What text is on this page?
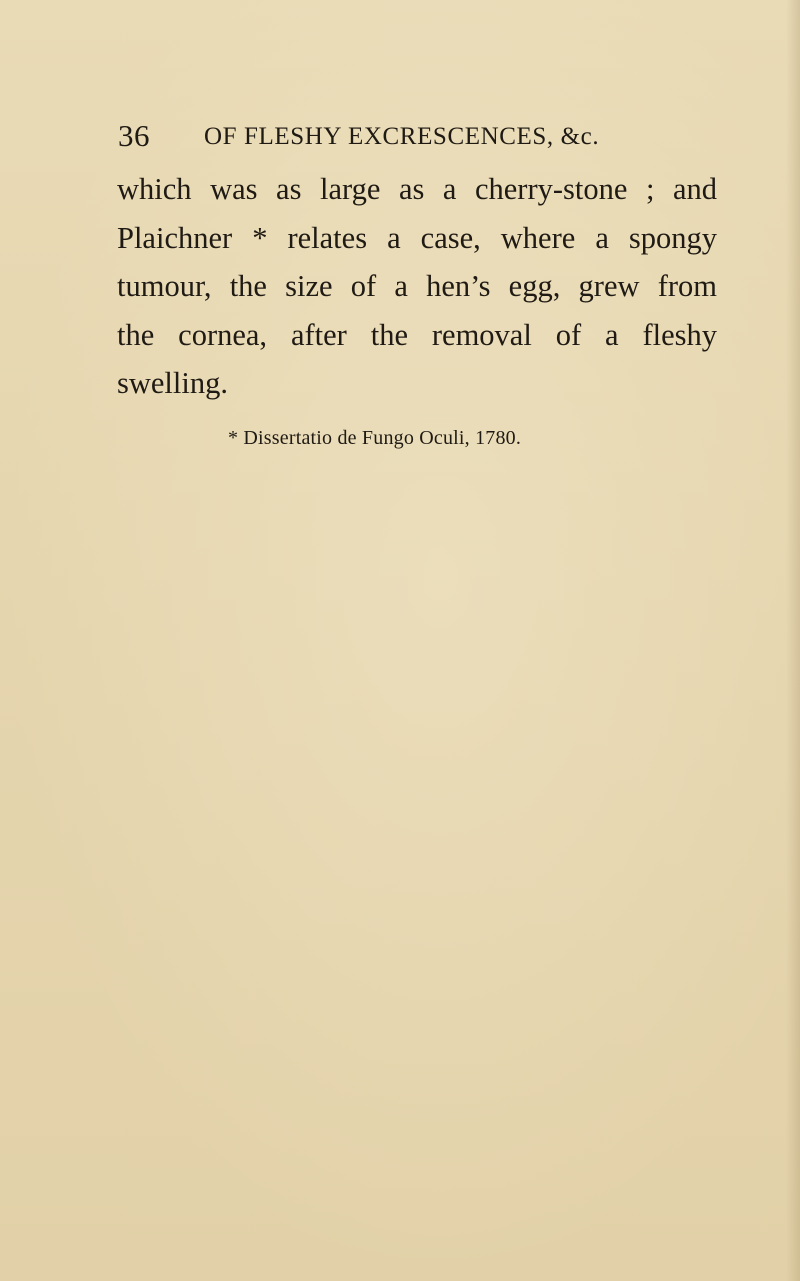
36 OF FLESHY EXCRESCENCES, &c.
which was as large as a cherry-stone ; and
Plaichner * relates a case, where a spongy
tumour, the size of a hen’s egg, grew from
the cornea, after the removal of a fleshy
swelling.
* Dissertatio de Fungo Oculi, 1780.
